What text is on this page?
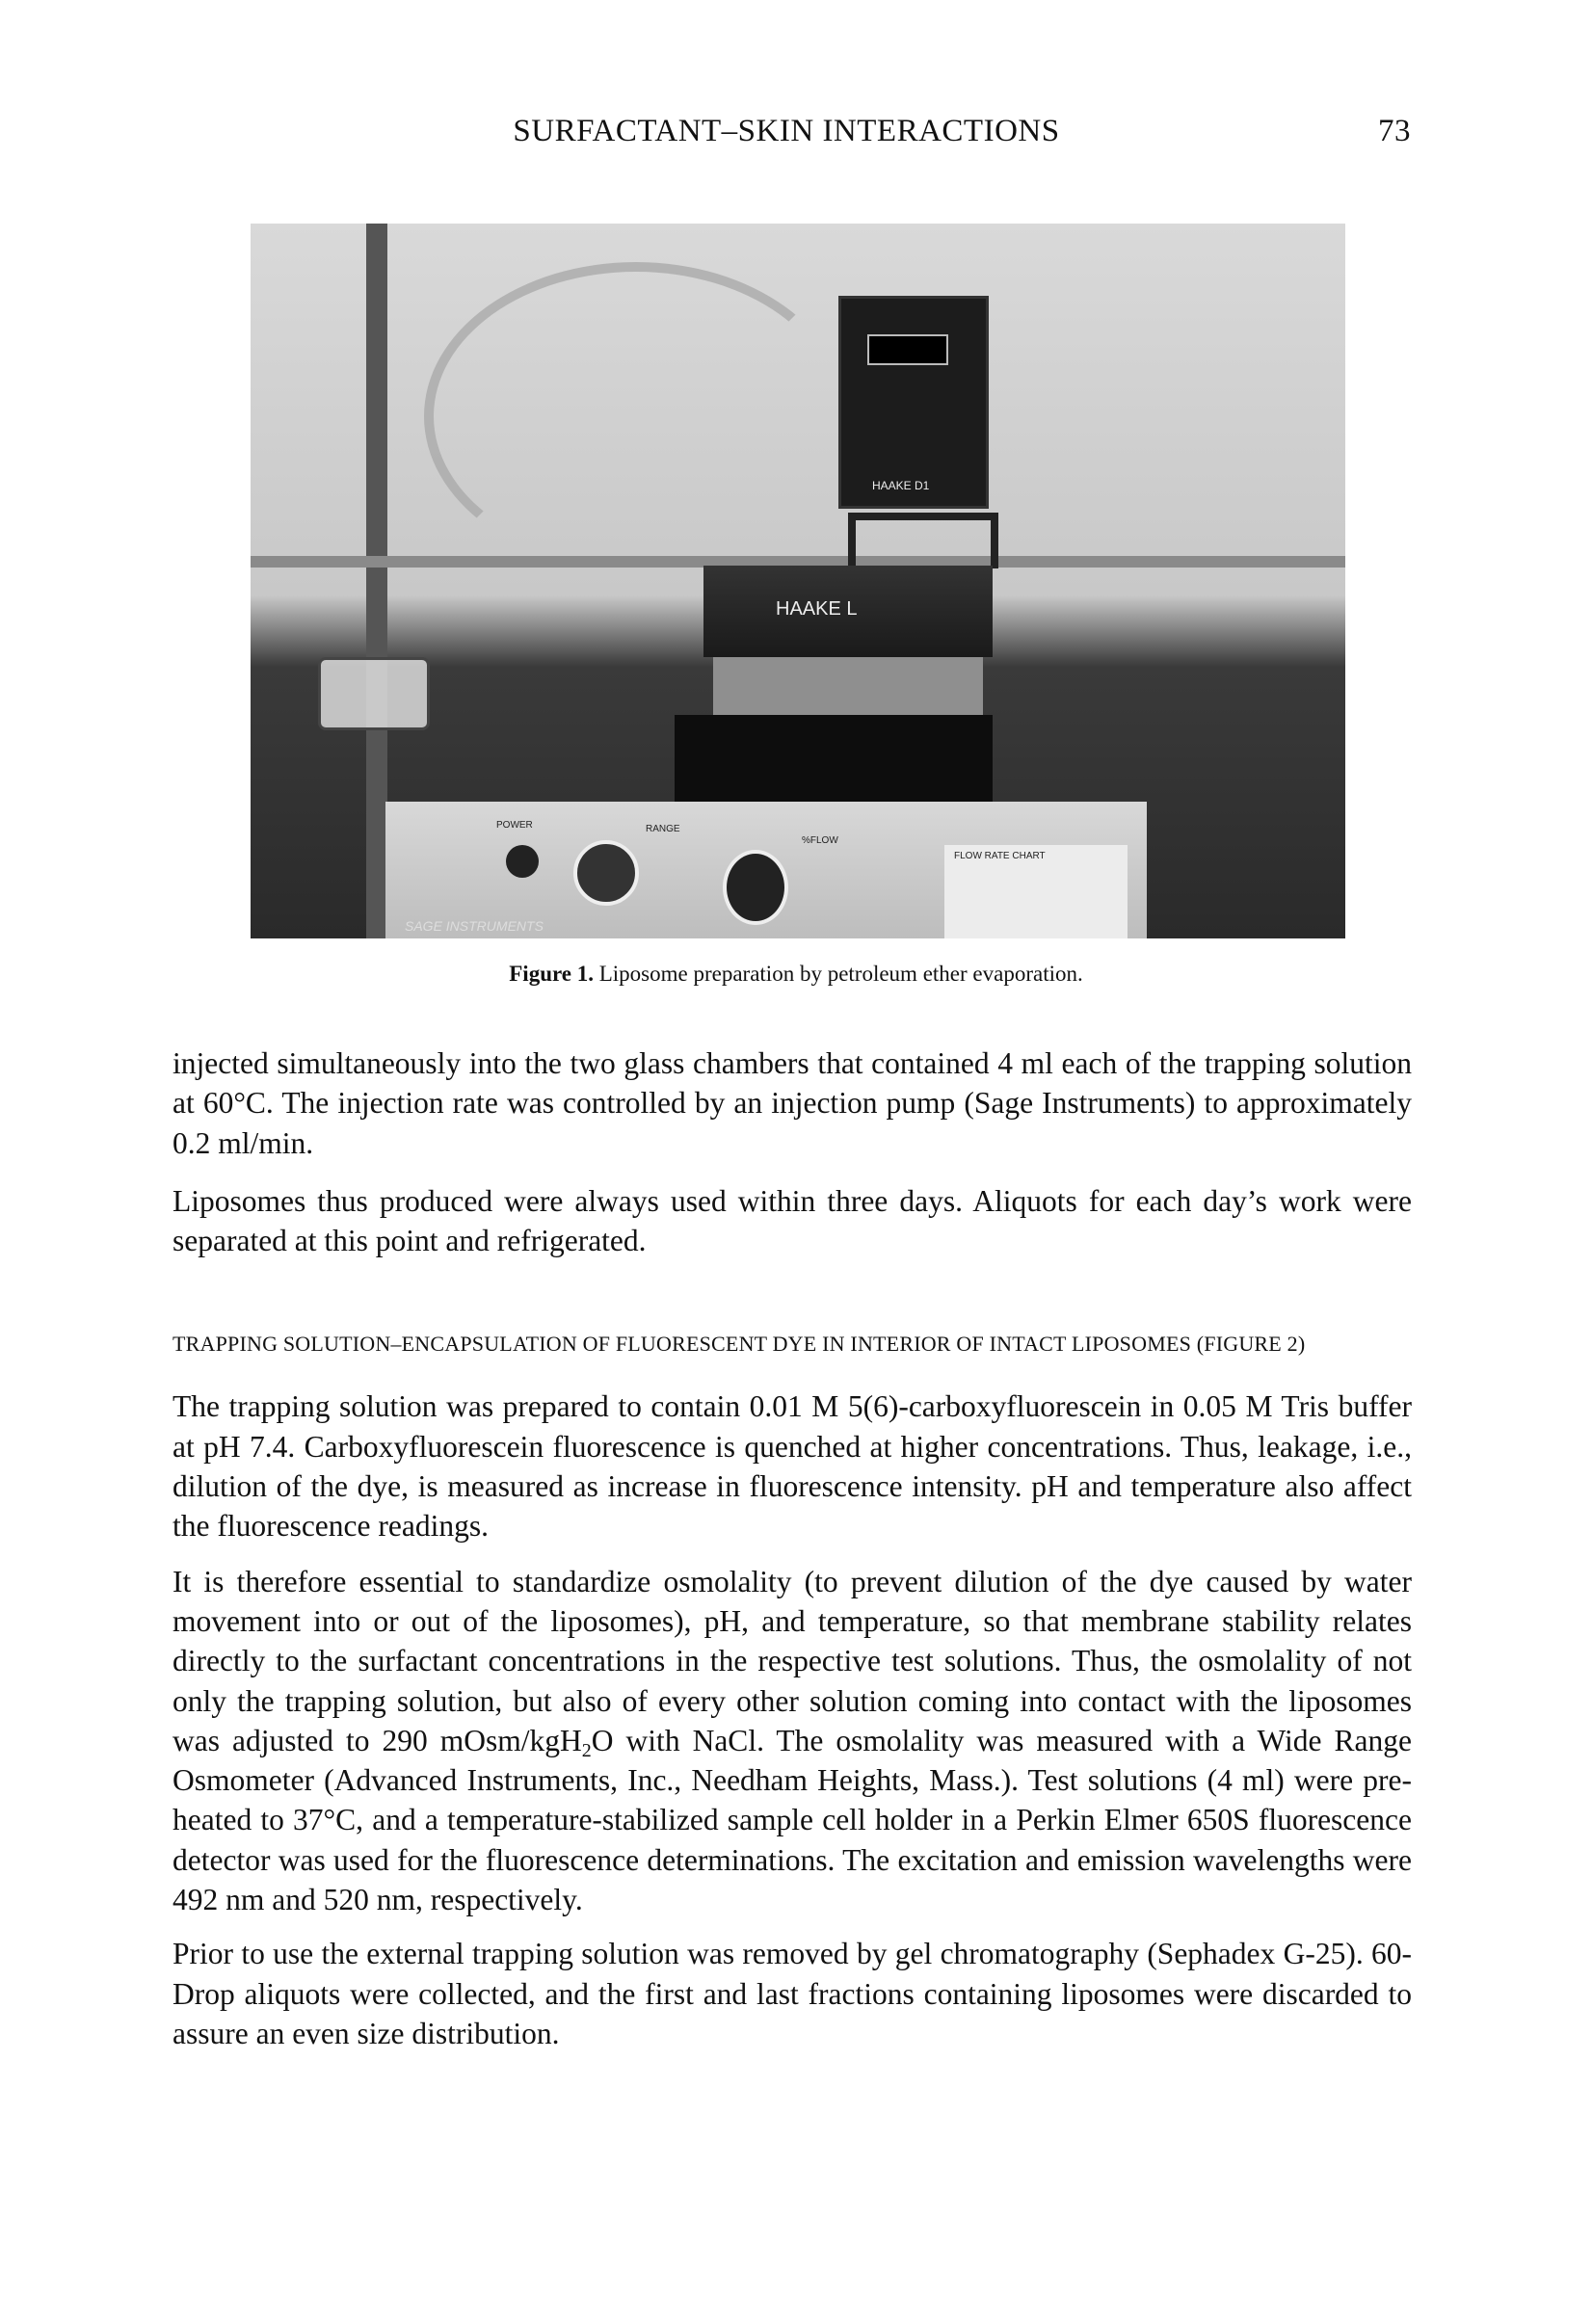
SURFACTANT–SKIN INTERACTIONS	73
HAAKE D1
HAAKE L
POWER	RANGE
%FLOW
FLOW RATE CHART
SAGE INSTRUMENTS
Figure 1. Liposome preparation by petroleum ether evaporation.

injected simultaneously into the two glass chambers that contained 4 ml each of the trapping solution at 60°C. The injection rate was controlled by an injection pump (Sage Instruments) to approximately 0.2 ml/min.

Liposomes thus produced were always used within three days. Aliquots for each day’s work were separated at this point and refrigerated.

TRAPPING SOLUTION–ENCAPSULATION OF FLUORESCENT DYE IN INTERIOR OF INTACT LIPOSOMES (FIGURE 2)

The trapping solution was prepared to contain 0.01 M 5(6)-carboxyfluorescein in 0.05 M Tris buffer at pH 7.4. Carboxyfluorescein fluorescence is quenched at higher concentrations. Thus, leakage, i.e., dilution of the dye, is measured as increase in fluorescence intensity. pH and temperature also affect the fluorescence readings.

It is therefore essential to standardize osmolality (to prevent dilution of the dye caused by water movement into or out of the liposomes), pH, and temperature, so that membrane stability relates directly to the surfactant concentrations in the respective test solutions. Thus, the osmolality of not only the trapping solution, but also of every other solution coming into contact with the liposomes was adjusted to 290 mOsm/kgH$_2$O with NaCl. The osmolality was measured with a Wide Range Osmometer (Advanced Instruments, Inc., Needham Heights, Mass.). Test solutions (4 ml) were pre-heated to 37°C, and a temperature-stabilized sample cell holder in a Perkin Elmer 650S fluorescence detector was used for the fluorescence determinations. The excitation and emission wavelengths were 492 nm and 520 nm, respectively.

Prior to use the external trapping solution was removed by gel chromatography (Sephadex G-25). 60-Drop aliquots were collected, and the first and last fractions containing liposomes were discarded to assure an even size distribution.
